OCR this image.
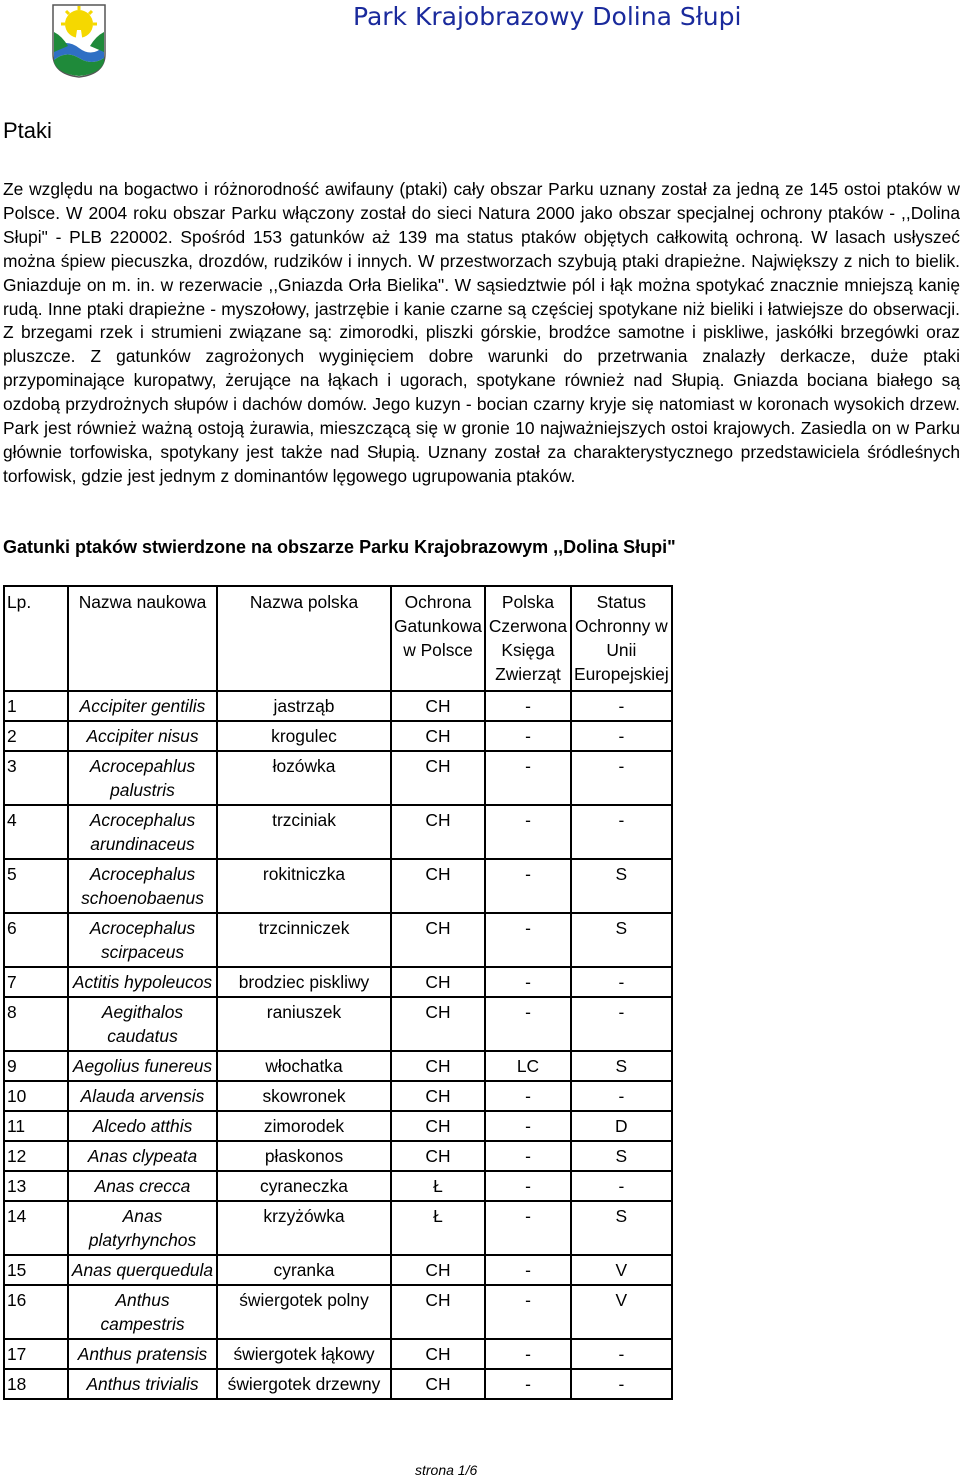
Park Krajobrazowy Dolina Słupi
Ptaki

Ze względu na bogactwo i różnorodność awifauny (ptaki) cały obszar Parku uznany został za jedną ze 145 ostoi ptaków w Polsce. W 2004 roku obszar Parku włączony został do sieci Natura 2000 jako obszar specjalnej ochrony ptaków - ,,Dolina Słupi" - PLB 220002. Spośród 153 gatunków aż 139 ma status ptaków objętych całkowitą ochroną. W lasach usłyszeć można śpiew piecuszka, drozdów, rudzików i innych. W przestworzach szybują ptaki drapieżne. Największy z nich to bielik. Gniazduje on m. in. w rezerwacie ,,Gniazda Orła Bielika". W sąsiedztwie pól i łąk można spotykać znacznie mniejszą kanię rudą. Inne ptaki drapieżne - myszołowy, jastrzębie i kanie czarne są częściej spotykane niż bieliki i łatwiejsze do obserwacji. Z brzegami rzek i strumieni związane są: zimorodki, pliszki górskie, brodźce samotne i piskliwe, jaskółki brzegówki oraz pluszcze. Z gatunków zagrożonych wyginięciem dobre warunki do przetrwania znalazły derkacze, duże ptaki przypominające kuropatwy, żerujące na łąkach i ugorach, spotykane również nad Słupią. Gniazda bociana białego są ozdobą przydrożnych słupów i dachów domów. Jego kuzyn - bocian czarny kryje się natomiast w koronach wysokich drzew. Park jest również ważną ostoją żurawia, mieszczącą się w gronie 10 najważniejszych ostoi krajowych. Zasiedla on w Parku głównie torfowiska, spotykany jest także nad Słupią. Uznany został za charakterystycznego przedstawiciela śródleśnych torfowisk, gdzie jest jednym z dominantów lęgowego ugrupowania ptaków.

Gatunki ptaków stwierdzone na obszarze Parku Krajobrazowym ,,Dolina Słupi"
Lp.	Nazwa naukowa	Nazwa polska	Ochrona Gatunkowa w Polsce	Polska Czerwona Księga Zwierząt	Status Ochronny w Unii Europejskiej
1	Accipiter gentilis	jastrząb	CH	-	-
2	Accipiter nisus	krogulec	CH	-	-
3	Acrocepahlus palustris	łozówka	CH	-	-
4	Acrocephalus arundinaceus	trzciniak	CH	-	-
5	Acrocephalus schoenobaenus	rokitniczka	CH	-	S
6	Acrocephalus scirpaceus	trzcinniczek	CH	-	S
7	Actitis hypoleucos	brodziec piskliwy	CH	-	-
8	Aegithalos caudatus	raniuszek	CH	-	-
9	Aegolius funereus	włochatka	CH	LC	S
10	Alauda arvensis	skowronek	CH	-	-
11	Alcedo atthis	zimorodek	CH	-	D
12	Anas clypeata	płaskonos	CH	-	S
13	Anas crecca	cyraneczka	Ł	-	-
14	Anas platyrhynchos	krzyżówka	Ł	-	S
15	Anas querquedula	cyranka	CH	-	V
16	Anthus campestris	świergotek polny	CH	-	V
17	Anthus pratensis	świergotek łąkowy	CH	-	-
18	Anthus trivialis	świergotek drzewny	CH	-	-
strona 1/6
